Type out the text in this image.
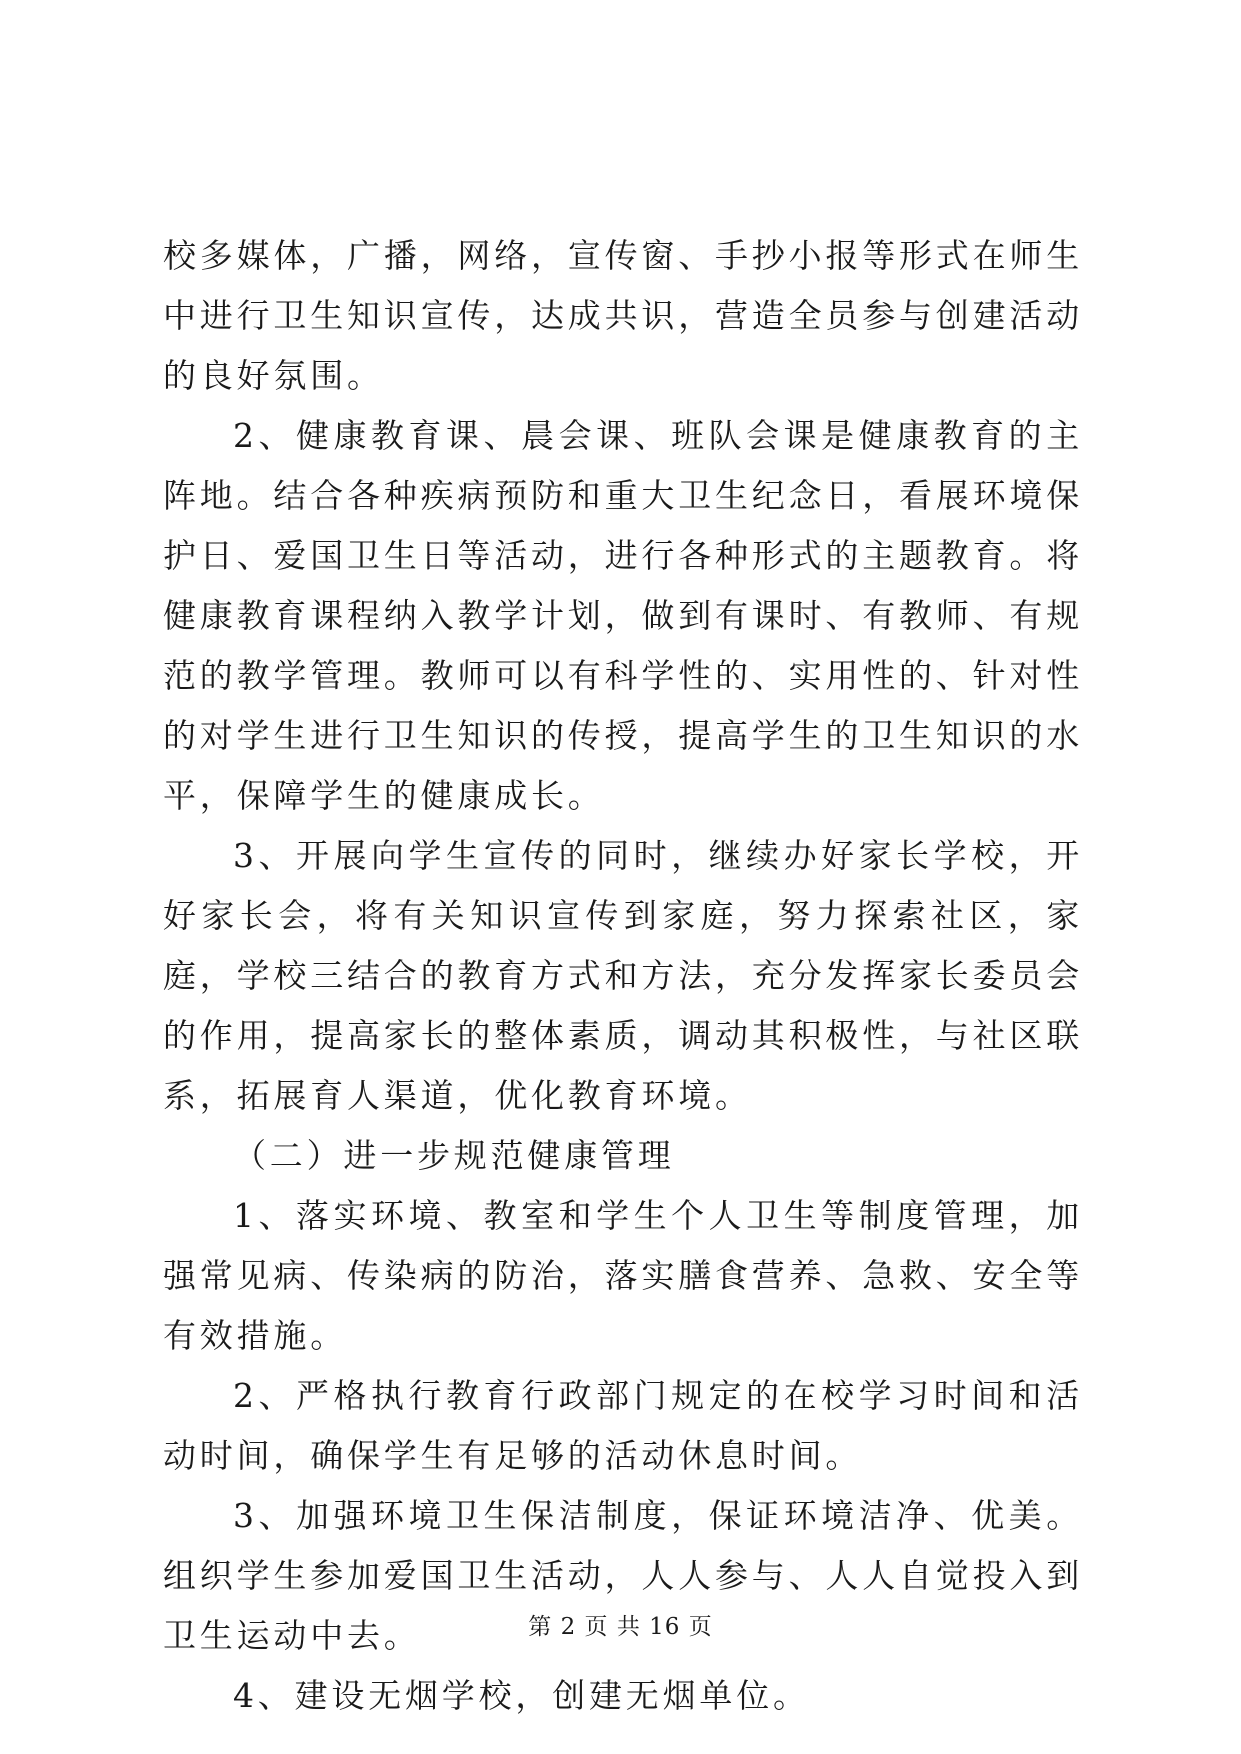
校多媒体，广播，网络，宣传窗、手抄小报等形式在师生中进行卫生知识宣传，达成共识，营造全员参与创建活动的良好氛围。

2、健康教育课、晨会课、班队会课是健康教育的主阵地。结合各种疾病预防和重大卫生纪念日，看展环境保护日、爱国卫生日等活动，进行各种形式的主题教育。将健康教育课程纳入教学计划，做到有课时、有教师、有规范的教学管理。教师可以有科学性的、实用性的、针对性的对学生进行卫生知识的传授，提高学生的卫生知识的水平，保障学生的健康成长。

3、开展向学生宣传的同时，继续办好家长学校，开好家长会，将有关知识宣传到家庭，努力探索社区，家庭，学校三结合的教育方式和方法，充分发挥家长委员会的作用，提高家长的整体素质，调动其积极性，与社区联系，拓展育人渠道，优化教育环境。

（二）进一步规范健康管理

1、落实环境、教室和学生个人卫生等制度管理，加强常见病、传染病的防治，落实膳食营养、急救、安全等有效措施。

2、严格执行教育行政部门规定的在校学习时间和活动时间，确保学生有足够的活动休息时间。

3、加强环境卫生保洁制度，保证环境洁净、优美。组织学生参加爱国卫生活动，人人参与、人人自觉投入到卫生运动中去。

4、建设无烟学校，创建无烟单位。

第 2 页 共 16 页
